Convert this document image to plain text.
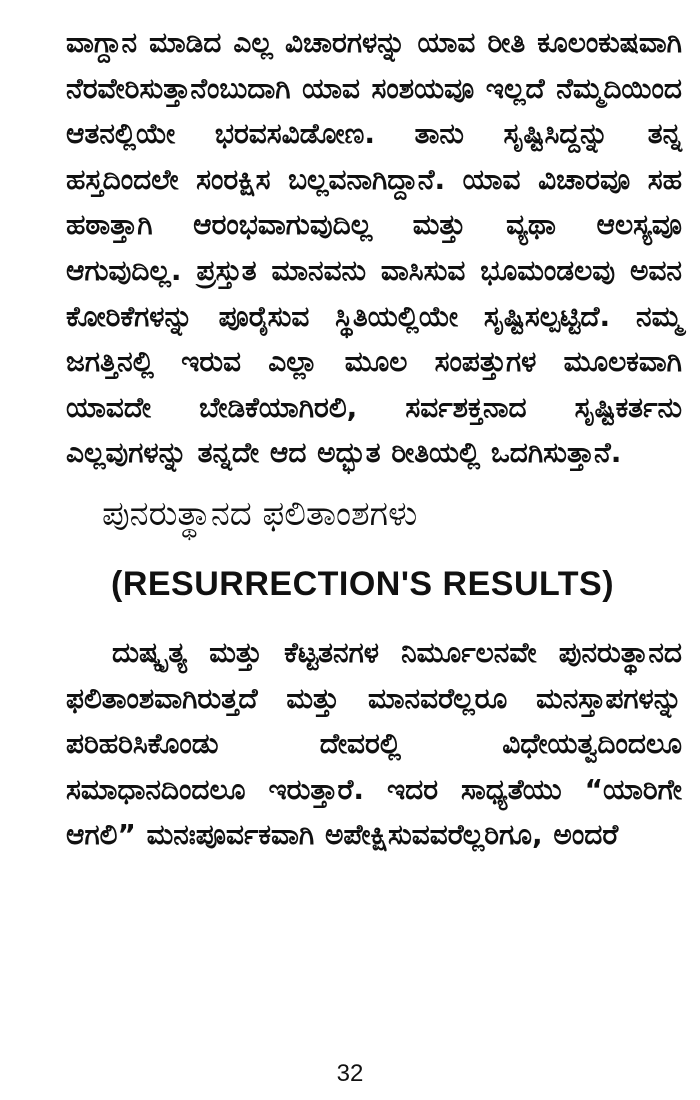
ವಾಗ್ದಾನ ಮಾಡಿದ ಎಲ್ಲ ವಿಚಾರಗಳನ್ನು ಯಾವ ರೀತಿ ಕೂಲಂಕುಷವಾಗಿ ನೆರವೇರಿಸುತ್ತಾನೆಂಬುದಾಗಿ ಯಾವ ಸಂಶಯವೂ ಇಲ್ಲದೆ ನೆಮ್ಮದಿಯಿಂದ ಆತನಲ್ಲಿಯೇ ಭರವಸವಿಡೋಣ. ತಾನು ಸೃಷ್ಟಿಸಿದ್ದನ್ನು ತನ್ನ ಹಸ್ತದಿಂದಲೇ ಸಂರಕ್ಷಿಸ ಬಲ್ಲವನಾಗಿದ್ದಾನೆ. ಯಾವ ವಿಚಾರವೂ ಸಹ ಹಠಾತ್ತಾಗಿ ಆರಂಭವಾಗುವುದಿಲ್ಲ ಮತ್ತು ವ್ಯಥಾ ಆಲಸ್ಯವೂ ಆಗುವುದಿಲ್ಲ. ಪ್ರಸ್ತುತ ಮಾನವನು ವಾಸಿಸುವ ಭೂಮಂಡಲವು ಅವನ ಕೋರಿಕೆಗಳನ್ನು ಪೂರೈಸುವ ಸ್ಥಿತಿಯಲ್ಲಿಯೇ ಸೃಷ್ಟಿಸಲ್ಪಟ್ಟಿದೆ. ನಮ್ಮ ಜಗತ್ತಿನಲ್ಲಿ ಇರುವ ಎಲ್ಲಾ ಮೂಲ ಸಂಪತ್ತುಗಳ ಮೂಲಕವಾಗಿ ಯಾವದೇ ಬೇಡಿಕೆಯಾಗಿರಲಿ, ಸರ್ವಶಕ್ತನಾದ ಸೃಷ್ಟಿಕರ್ತನು ಎಲ್ಲವುಗಳನ್ನು ತನ್ನದೇ ಆದ ಅದ್ಭುತ ರೀತಿಯಲ್ಲಿ ಒದಗಿಸುತ್ತಾನೆ.

ಪುನರುತ್ಥಾನದ ಫಲಿತಾಂಶಗಳು
(RESURRECTION'S RESULTS)

ದುಷ್ಕೃತ್ಯ ಮತ್ತು ಕೆಟ್ಟತನಗಳ ನಿರ್ಮೂಲನವೇ ಪುನರುತ್ಥಾನದ ಫಲಿತಾಂಶವಾಗಿರುತ್ತದೆ ಮತ್ತು ಮಾನವರೆಲ್ಲರೂ ಮನಸ್ತಾಪಗಳನ್ನು ಪರಿಹರಿಸಿಕೊಂಡು ದೇವರಲ್ಲಿ ವಿಧೇಯತ್ವದಿಂದಲೂ ಸಮಾಧಾನದಿಂದಲೂ ಇರುತ್ತಾರೆ. ಇದರ ಸಾಧ್ಯತೆಯು “ಯಾರಿಗೇ ಆಗಲಿ” ಮನಃಪೂರ್ವಕವಾಗಿ ಅಪೇಕ್ಷಿಸುವವರೆಲ್ಲರಿಗೂ, ಅಂದರೆ

32
